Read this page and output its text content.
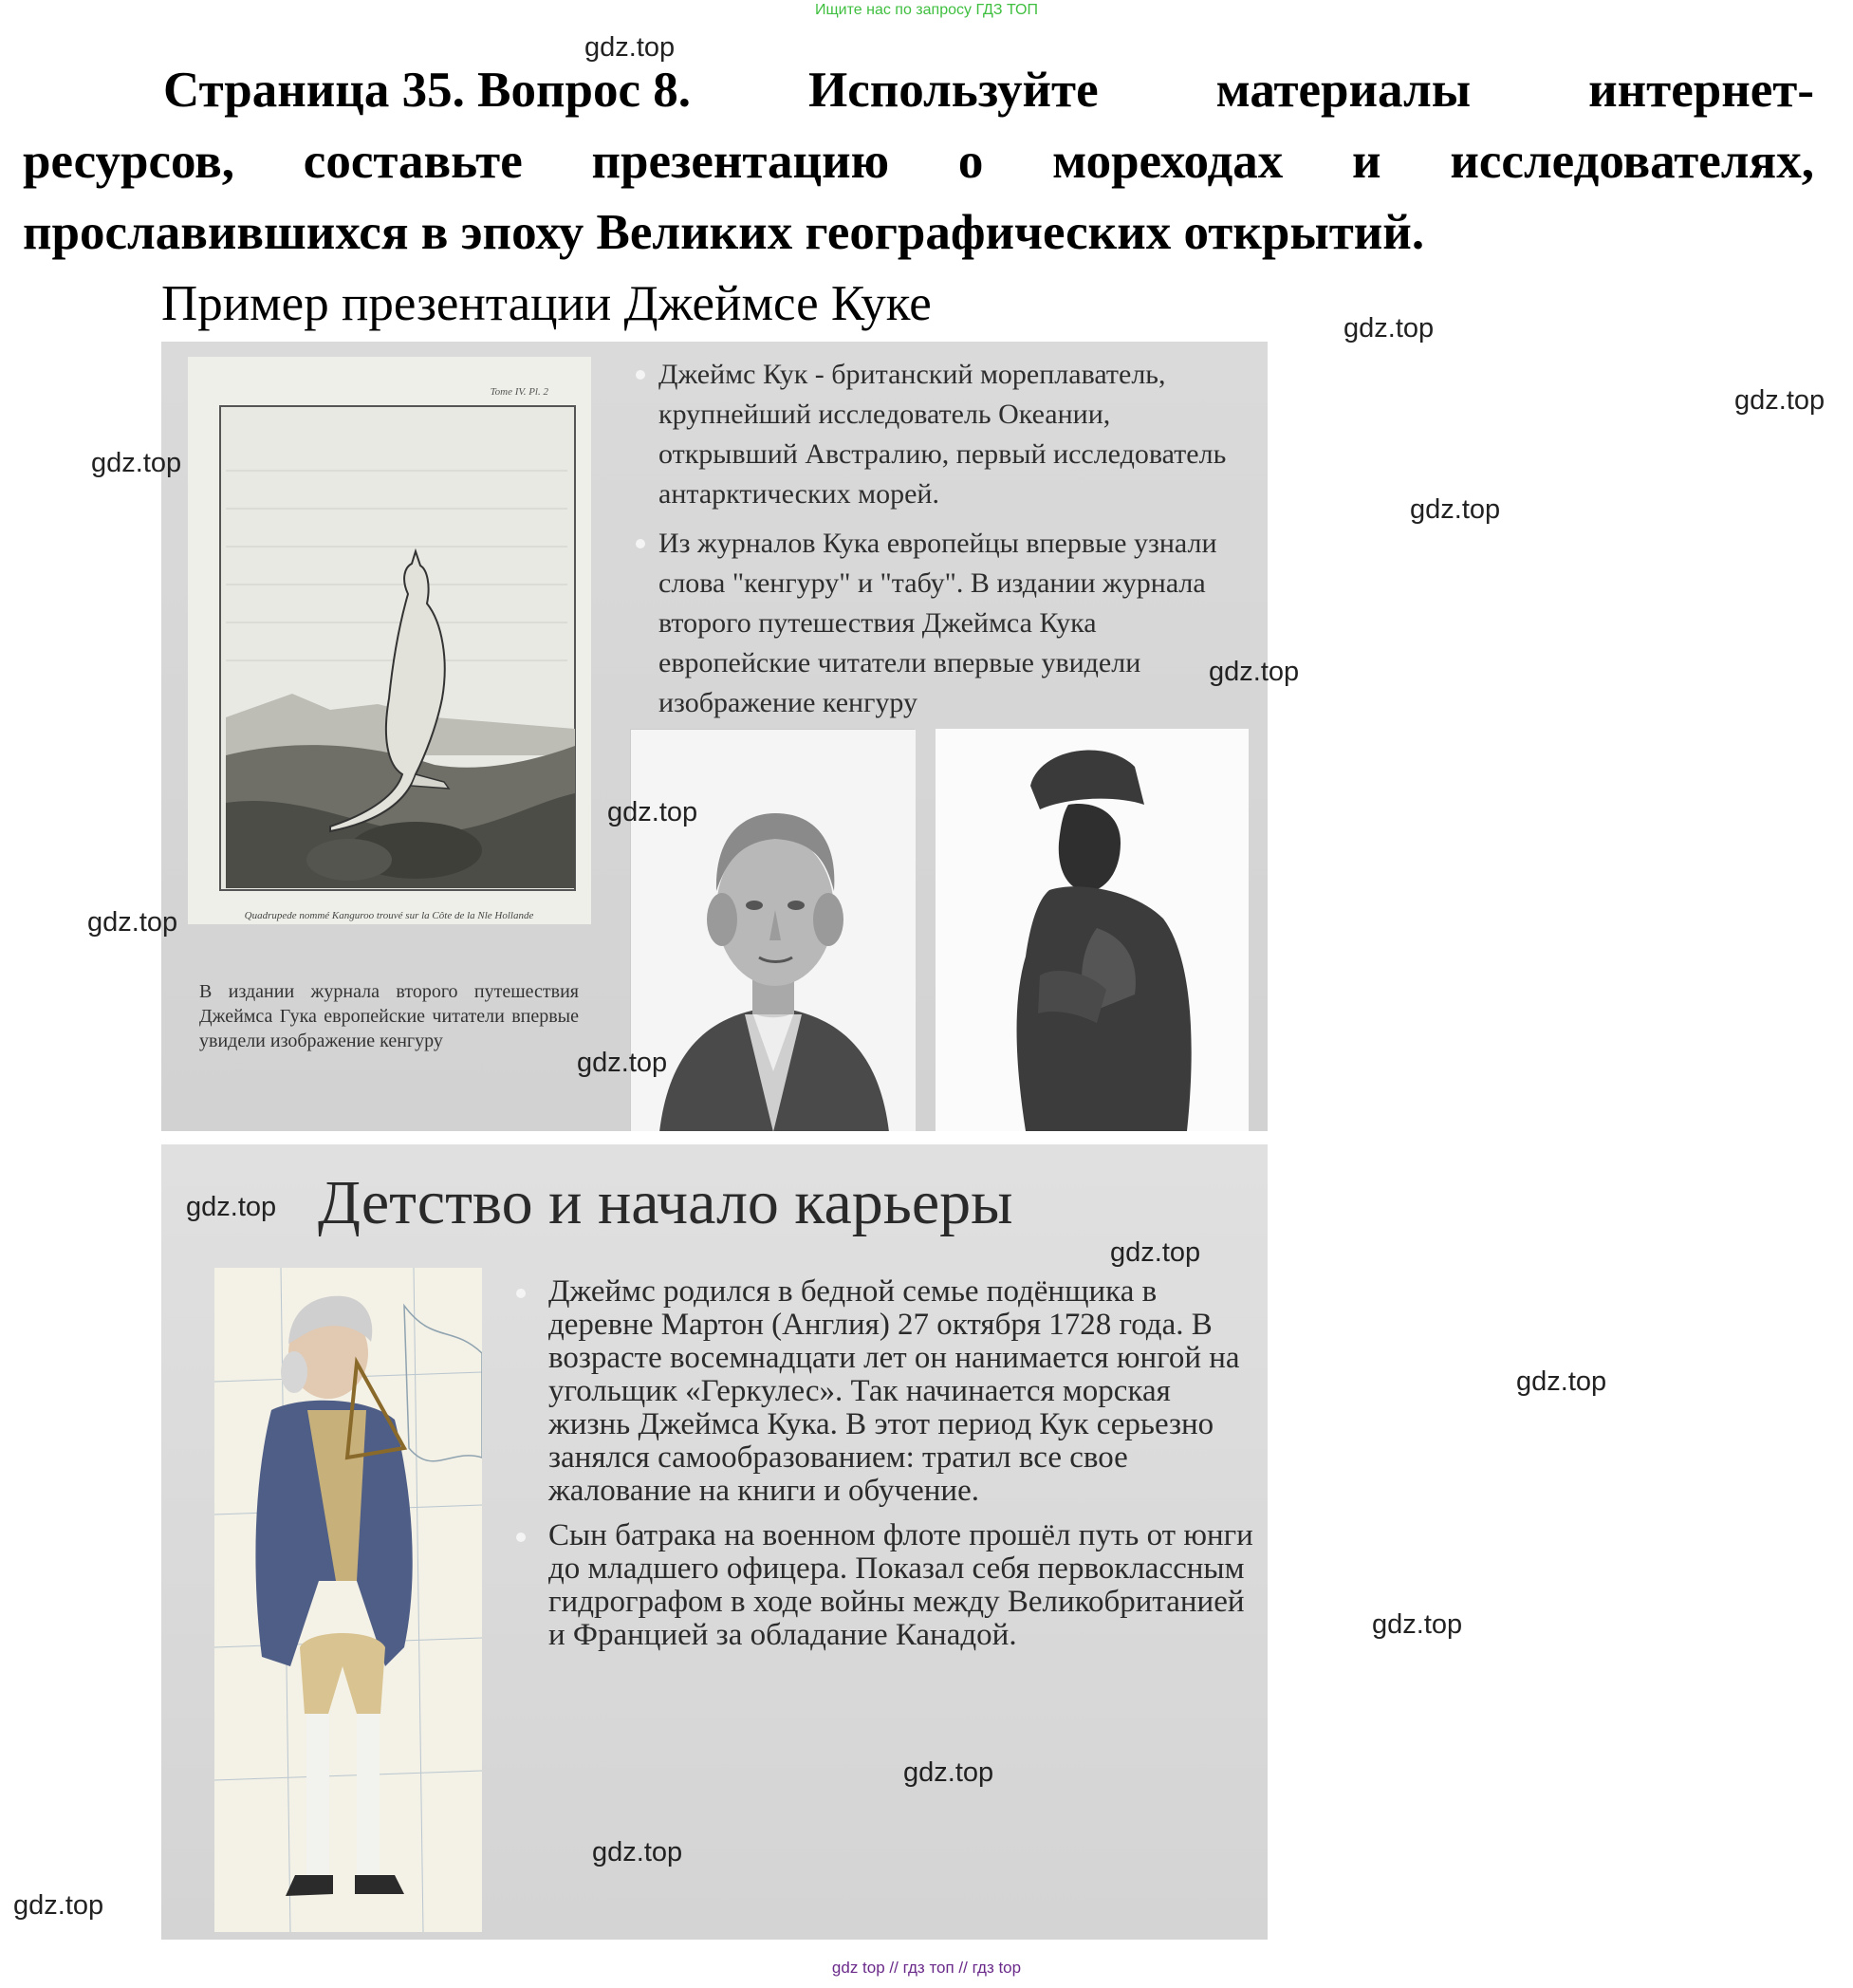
Ищите нас по запросу ГДЗ ТОП
Страница 35. Вопрос 8. Используйте материалы интернет-
ресурсов, составьте презентацию о мореходах и исследователях,
прославившихся в эпоху Великих географических открытий.
Пример презентации Джеймсе Куке
Tome IV. Pl. 2
Quadrupede nommé Kanguroo trouvé sur la Côte de la Nle Hollande
В издании журнала второго путешествия Джеймса Гука европейские читатели впервые увидели изображение кенгуру

Джеймс Кук - британский мореплаватель, крупнейший исследователь Океании, открывший Австралию, первый исследователь антарктических морей.

Из журналов Кука европейцы впервые узнали слова "кенгуру" и "табу". В издании журнала второго путешествия Джеймса Кука европейские читатели впервые увидели изображение кенгуру

Детство и начало карьеры

Джеймс родился в бедной семье подёнщика в деревне Мартон (Англия) 27 октября 1728 года. В возрасте восемнадцати лет он нанимается юнгой на угольщик «Геркулес». Так начинается морская жизнь Джеймса Кука. В этот период Кук серьезно занялся самообразованием: тратил все свое жалование на книги и обучение.

Сын батрака на военном флоте прошёл путь от юнги до младшего офицера. Показал себя первоклассным гидрографом в ходе войны между Великобританией и Францией за обладание Канадой.

gdz.top
gdz.top
gdz.top
gdz.top
gdz.top
gdz.top
gdz.top
gdz.top
gdz.top
gdz.top
gdz.top
gdz.top
gdz.top
gdz.top
gdz.top
gdz.top
gdz top // гдз топ // гдз top
